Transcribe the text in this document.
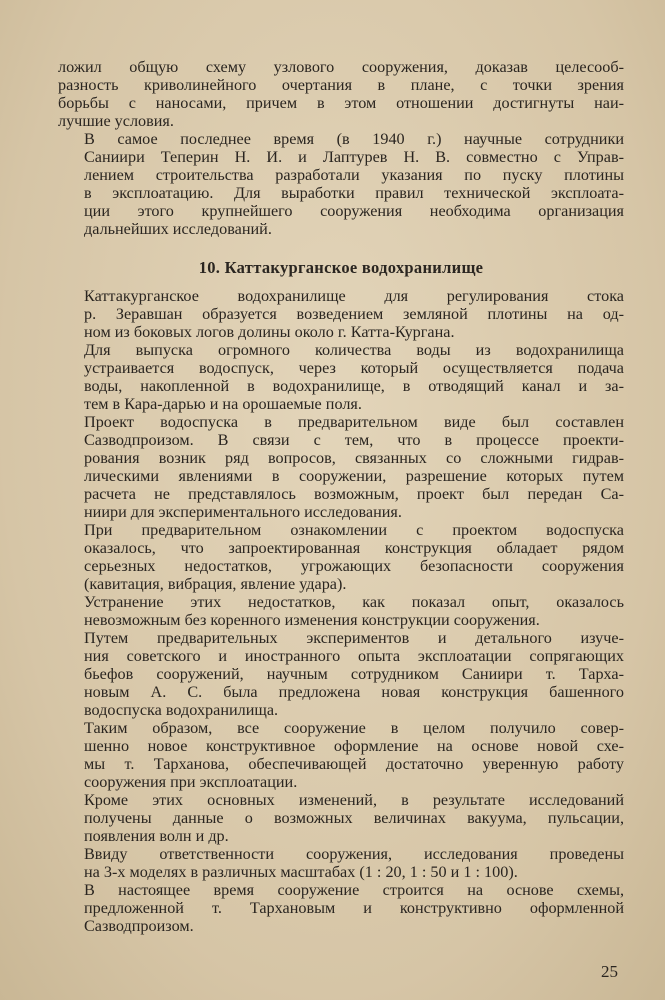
ложил общую схему узлового сооружения, доказав целесооб-
разность криволинейного очертания в плане, с точки зрения
борьбы с наносами, причем в этом отношении достигнуты наи-
лучшие условия.

В самое последнее время (в 1940 г.) научные сотрудники
Саниири Теперин Н. И. и Лаптурев Н. В. совместно с Управ-
лением строительства разработали указания по пуску плотины
в эксплоатацию. Для выработки правил технической эксплоата-
ции этого крупнейшего сооружения необходима организация
дальнейших исследований.

10. Каттакурганское водохранилище

Каттакурганское водохранилище для регулирования стока
р. Зеравшан образуется возведением земляной плотины на од-
ном из боковых логов долины около г. Катта-Кургана.

Для выпуска огромного количества воды из водохранилища
устраивается водоспуск, через который осуществляется подача
воды, накопленной в водохранилище, в отводящий канал и за-
тем в Кара-дарью и на орошаемые поля.

Проект водоспуска в предварительном виде был составлен
Сазводпроизом. В связи с тем, что в процессе проекти-
рования возник ряд вопросов, связанных со сложными гидрав-
лическими явлениями в сооружении, разрешение которых путем
расчета не представлялось возможным, проект был передан Са-
нииpи для экспериментального исследования.

При предварительном ознакомлении с проектом водоспуска
оказалось, что запроектированная конструкция обладает рядом
серьезных недостатков, угрожающих безопасности сооружения
(кавитация, вибрация, явление удара).

Устранение этих недостатков, как показал опыт, оказалось
невозможным без коренного изменения конструкции сооружения.

Путем предварительных экспериментов и детального изуче-
ния советского и иностранного опыта эксплоатации сопрягающих
бьефов сооружений, научным сотрудником Саниири т. Тарха-
новым А. С. была предложена новая конструкция башенного
водоспуска водохранилища.

Таким образом, все сооружение в целом получило совер-
шенно новое конструктивное оформление на основе новой схе-
мы т. Тарханова, обеспечивающей достаточно уверенную работу
сооружения при эксплоатации.

Кроме этих основных изменений, в результате исследований
получены данные о возможных величинах вакуума, пульсации,
появления волн и др.

Ввиду ответственности сооружения, исследования проведены
на 3-х моделях в различных масштабах (1 : 20, 1 : 50 и 1 : 100).

В настоящее время сооружение строится на основе схемы,
предложенной т. Тархановым и конструктивно оформленной
Сазводпроизом.

25
